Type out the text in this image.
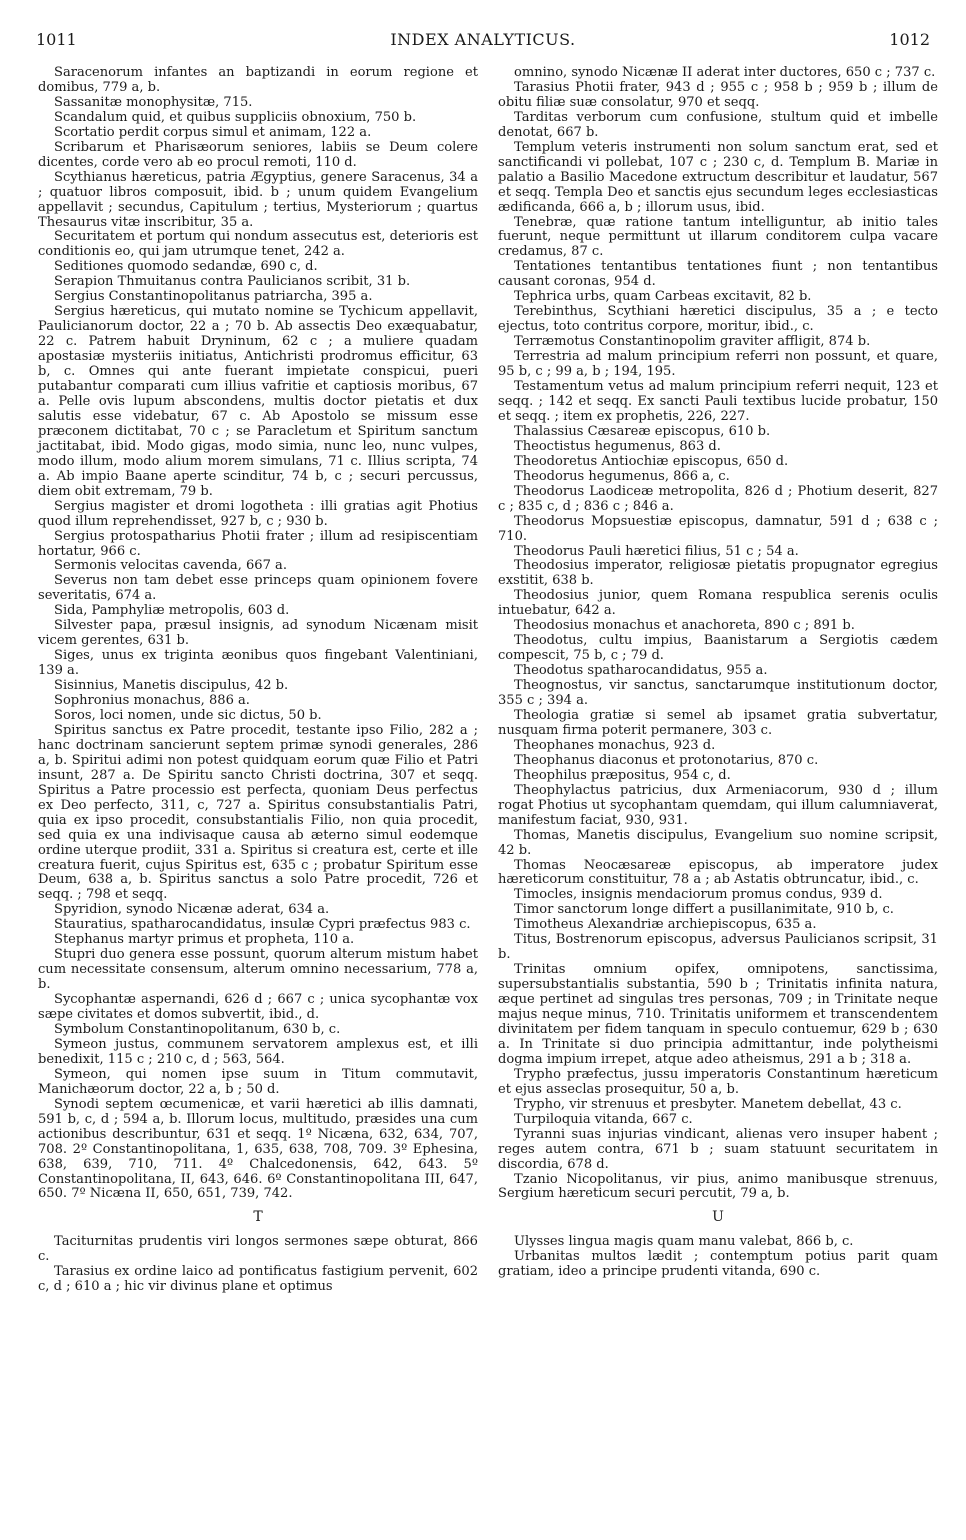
1011	INDEX ANALYTICUS.	1012

Saracenorum infantes an baptizandi in eorum regione et domibus, 779 a, b.

Sassanitæ monophysitæ, 715.

Scandalum quid, et quibus suppliciis obnoxium, 750 b.

Scortatio perdit corpus simul et animam, 122 a.

Scribarum et Pharisæorum seniores, labiis se Deum colere dicentes, corde vero ab eo procul remoti, 110 d.

Scythianus hæreticus, patria Ægyptius, genere Saracenus, 34 a ; quatuor libros composuit, ibid. b ; unum quidem Evangelium appellavit ; secundus, Capitulum ; tertius, Mysteriorum ; quartus Thesaurus vitæ inscribitur, 35 a.

Securitatem et portum qui nondum assecutus est, deterioris est conditionis eo, qui jam utrumque tenet, 242 a.

Seditiones quomodo sedandæ, 690 c, d.

Serapion Thmuitanus contra Paulicianos scribit, 31 b.

Sergius Constantinopolitanus patriarcha, 395 a.

Sergius hæreticus, qui mutato nomine se Tychicum appellavit, Paulicianorum doctor, 22 a ; 70 b. Ab assectis Deo exæquabatur, 22 c. Patrem habuit Dryninum, 62 c ; a muliere quadam apostasiæ mysteriis initiatus, Antichristi prodromus efficitur, 63 b, c. Omnes qui ante fuerant impietate conspicui, pueri putabantur comparati cum illius vafritie et captiosis moribus, 67 a. Pelle ovis lupum abscondens, multis doctor pietatis et dux salutis esse videbatur, 67 c. Ab Apostolo se missum esse præconem dictitabat, 70 c ; se Paracletum et Spiritum sanctum jactitabat, ibid. Modo gigas, modo simia, nunc leo, nunc vulpes, modo illum, modo alium morem simulans, 71 c. Illius scripta, 74 a. Ab impio Baane aperte scinditur, 74 b, c ; securi percussus, diem obit extremam, 79 b.

Sergius magister et dromi logotheta : illi gratias agit Photius quod illum reprehendisset, 927 b, c ; 930 b.

Sergius protospatharius Photii frater ; illum ad resipiscentiam hortatur, 966 c.

Sermonis velocitas cavenda, 667 a.

Severus non tam debet esse princeps quam opinionem fovere severitatis, 674 a.

Sida, Pamphyliæ metropolis, 603 d.

Silvester papa, præsul insignis, ad synodum Nicænam misit vicem gerentes, 631 b.

Siges, unus ex triginta æonibus quos fingebant Valentiniani, 139 a.

Sisinnius, Manetis discipulus, 42 b.

Sophronius monachus, 886 a.

Soros, loci nomen, unde sic dictus, 50 b.

Spiritus sanctus ex Patre procedit, testante ipso Filio, 282 a ; hanc doctrinam sancierunt septem primæ synodi generales, 286 a, b. Spiritui adimi non potest quidquam eorum quæ Filio et Patri insunt, 287 a. De Spiritu sancto Christi doctrina, 307 et seqq. Spiritus a Patre processio est perfecta, quoniam Deus perfectus ex Deo perfecto, 311, c, 727 a. Spiritus consubstantialis Patri, quia ex ipso procedit, consubstantialis Filio, non quia procedit, sed quia ex una indivisaque causa ab æterno simul eodemque ordine uterque prodiit, 331 a. Spiritus si creatura est, certe et ille creatura fuerit, cujus Spiritus est, 635 c ; probatur Spiritum esse Deum, 638 a, b. Spiritus sanctus a solo Patre procedit, 726 et seqq. ; 798 et seqq.

Spyridion, synodo Nicænæ aderat, 634 a.

Stauratius, spatharocandidatus, insulæ Cypri præfectus 983 c.

Stephanus martyr primus et propheta, 110 a.

Stupri duo genera esse possunt, quorum alterum mistum habet cum necessitate consensum, alterum omnino necessarium, 778 a, b.

Sycophantæ aspernandi, 626 d ; 667 c ; unica sycophantæ vox sæpe civitates et domos subvertit, ibid., d.

Symbolum Constantinopolitanum, 630 b, c.

Symeon justus, communem servatorem amplexus est, et illi benedixit, 115 c ; 210 c, d ; 563, 564.

Symeon, qui nomen ipse suum in Titum commutavit, Manichæorum doctor, 22 a, b ; 50 d.

Synodi septem œcumenicæ, et varii hæretici ab illis damnati, 591 b, c, d ; 594 a, b. Illorum locus, multitudo, præsides una cum actionibus describuntur, 631 et seqq. 1º Nicæna, 632, 634, 707, 708. 2º Constantinopolitana, 1, 635, 638, 708, 709. 3º Ephesina, 638, 639, 710, 711. 4º Chalcedonensis, 642, 643. 5º Constantinopolitana, II, 643, 646. 6º Constantinopolitana III, 647, 650. 7º Nicæna II, 650, 651, 739, 742.

T

Taciturnitas prudentis viri longos sermones sæpe obturat, 866 c.

Tarasius ex ordine laico ad pontificatus fastigium pervenit, 602 c, d ; 610 a ; hic vir divinus plane et optimus

omnino, synodo Nicænæ II aderat inter ductores, 650 c ; 737 c.

Tarasius Photii frater, 943 d ; 955 c ; 958 b ; 959 b ; illum de obitu filiæ suæ consolatur, 970 et seqq.

Tarditas verborum cum confusione, stultum quid et imbelle denotat, 667 b.

Templum veteris instrumenti non solum sanctum erat, sed et sanctificandi vi pollebat, 107 c ; 230 c, d. Templum B. Mariæ in palatio a Basilio Macedone extructum describitur et laudatur, 567 et seqq. Templa Deo et sanctis ejus secundum leges ecclesiasticas ædificanda, 666 a, b ; illorum usus, ibid.

Tenebræ, quæ ratione tantum intelliguntur, ab initio tales fuerunt, neque permittunt ut illarum conditorem culpa vacare credamus, 87 c.

Tentationes tentantibus tentationes fiunt ; non tentantibus causant coronas, 954 d.

Tephrica urbs, quam Carbeas excitavit, 82 b.

Terebinthus, Scythiani hæretici discipulus, 35 a ; e tecto ejectus, toto contritus corpore, moritur, ibid., c.

Terræmotus Constantinopolim graviter affligit, 874 b.

Terrestria ad malum principium referri non possunt, et quare, 95 b, c ; 99 a, b ; 194, 195.

Testamentum vetus ad malum principium referri nequit, 123 et seqq. ; 142 et seqq. Ex sancti Pauli textibus lucide probatur, 150 et seqq. ; item ex prophetis, 226, 227.

Thalassius Cæsareæ episcopus, 610 b.

Theoctistus hegumenus, 863 d.

Theodoretus Antiochiæ episcopus, 650 d.

Theodorus hegumenus, 866 a, c.

Theodorus Laodiceæ metropolita, 826 d ; Photium deserit, 827 c ; 835 c, d ; 836 c ; 846 a.

Theodorus Mopsuestiæ episcopus, damnatur, 591 d ; 638 c ; 710.

Theodorus Pauli hæretici filius, 51 c ; 54 a.

Theodosius imperator, religiosæ pietatis propugnator egregius exstitit, 638 b.

Theodosius junior, quem Romana respublica serenis oculis intuebatur, 642 a.

Theodosius monachus et anachoreta, 890 c ; 891 b.

Theodotus, cultu impius, Baanistarum a Sergiotis cædem compescit, 75 b, c ; 79 d.

Theodotus spatharocandidatus, 955 a.

Theognostus, vir sanctus, sanctarumque institutionum doctor, 355 c ; 394 a.

Theologia gratiæ si semel ab ipsamet gratia subvertatur, nusquam firma poterit permanere, 303 c.

Theophanes monachus, 923 d.

Theophanus diaconus et protonotarius, 870 c.

Theophilus præpositus, 954 c, d.

Theophylactus patricius, dux Armeniacorum, 930 d ; illum rogat Photius ut sycophantam quemdam, qui illum calumniaverat, manifestum faciat, 930, 931.

Thomas, Manetis discipulus, Evangelium suo nomine scripsit, 42 b.

Thomas Neocæsareæ episcopus, ab imperatore judex hæreticorum constituitur, 78 a ; ab Astatis obtruncatur, ibid., c.

Timocles, insignis mendaciorum promus condus, 939 d.

Timor sanctorum longe differt a pusillanimitate, 910 b, c.

Timotheus Alexandriæ archiepiscopus, 635 a.

Titus, Bostrenorum episcopus, adversus Paulicianos scripsit, 31 b.

Trinitas omnium opifex, omnipotens, sanctissima, supersubstantialis substantia, 590 b ; Trinitatis infinita natura, æque pertinet ad singulas tres personas, 709 ; in Trinitate neque majus neque minus, 710. Trinitatis uniformem et transcendentem divinitatem per fidem tanquam in speculo contuemur, 629 b ; 630 a. In Trinitate si duo principia admittantur, inde polytheismi dogma impium irrepet, atque adeo atheismus, 291 a b ; 318 a.

Trypho præfectus, jussu imperatoris Constantinum hæreticum et ejus asseclas prosequitur, 50 a, b.

Trypho, vir strenuus et presbyter. Manetem debellat, 43 c.

Turpiloquia vitanda, 667 c.

Tyranni suas injurias vindicant, alienas vero insuper habent ; reges autem contra, 671 b ; suam statuunt securitatem in discordia, 678 d.

Tzanio Nicopolitanus, vir pius, animo manibusque strenuus, Sergium hæreticum securi percutit, 79 a, b.

U

Ulysses lingua magis quam manu valebat, 866 b, c.

Urbanitas multos lædit ; contemptum potius parit quam gratiam, ideo a principe prudenti vitanda, 690 c.
